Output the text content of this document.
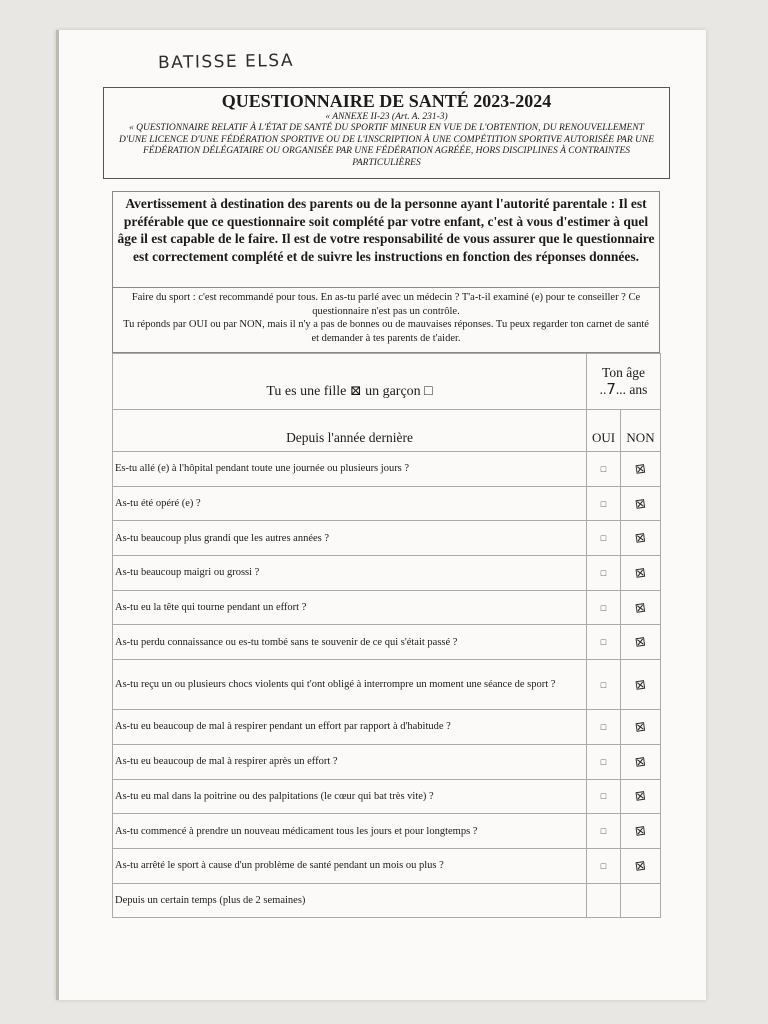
BATISSE ELSA
QUESTIONNAIRE DE SANTÉ 2023-2024
« ANNEXE II-23 (Art. A. 231-3)
« QUESTIONNAIRE RELATIF À L'ÉTAT DE SANTÉ DU SPORTIF MINEUR EN VUE DE L'OBTENTION, DU RENOUVELLEMENT D'UNE LICENCE D'UNE FÉDÉRATION SPORTIVE OU DE L'INSCRIPTION À UNE COMPÉTITION SPORTIVE AUTORISÉE PAR UNE FÉDÉRATION DÉLÉGATAIRE OU ORGANISÉE PAR UNE FÉDÉRATION AGRÉÉE, HORS DISCIPLINES À CONTRAINTES PARTICULIÈRES
Avertissement à destination des parents ou de la personne ayant l'autorité parentale : Il est préférable que ce questionnaire soit complété par votre enfant, c'est à vous d'estimer à quel âge il est capable de le faire. Il est de votre responsabilité de vous assurer que le questionnaire est correctement complété et de suivre les instructions en fonction des réponses données.
Faire du sport : c'est recommandé pour tous. En as-tu parlé avec un médecin ? T'a-t-il examiné (e) pour te conseiller ? Ce questionnaire n'est pas un contrôle.
Tu réponds par OUI ou par NON, mais il n'y a pas de bonnes ou de mauvaises réponses. Tu peux regarder ton carnet de santé et demander à tes parents de t'aider.
Tu es une fille ⊠ un garçon □	Ton âge
..7... ans	

Depuis l'année dernière	OUI	NON
Es-tu allé (e) à l'hôpital pendant toute une journée ou plusieurs jours ?	□	⊠
As-tu été opéré (e) ?	□	⊠
As-tu beaucoup plus grandi que les autres années ?	□	⊠
As-tu beaucoup maigri ou grossi ?	□	⊠
As-tu eu la tête qui tourne pendant un effort ?	□	⊠
As-tu perdu connaissance ou es-tu tombé sans te souvenir de ce qui s'était passé ?	□	⊠
As-tu reçu un ou plusieurs chocs violents qui t'ont obligé à interrompre un moment une séance de sport ?	□	⊠
As-tu eu beaucoup de mal à respirer pendant un effort par rapport à d'habitude ?	□	⊠
As-tu eu beaucoup de mal à respirer après un effort ?	□	⊠
As-tu eu mal dans la poitrine ou des palpitations (le cœur qui bat très vite) ?	□	⊠
As-tu commencé à prendre un nouveau médicament tous les jours et pour longtemps ?	□	⊠
As-tu arrêté le sport à cause d'un problème de santé pendant un mois ou plus ?	□	⊠
Depuis un certain temps (plus de 2 semaines)		
